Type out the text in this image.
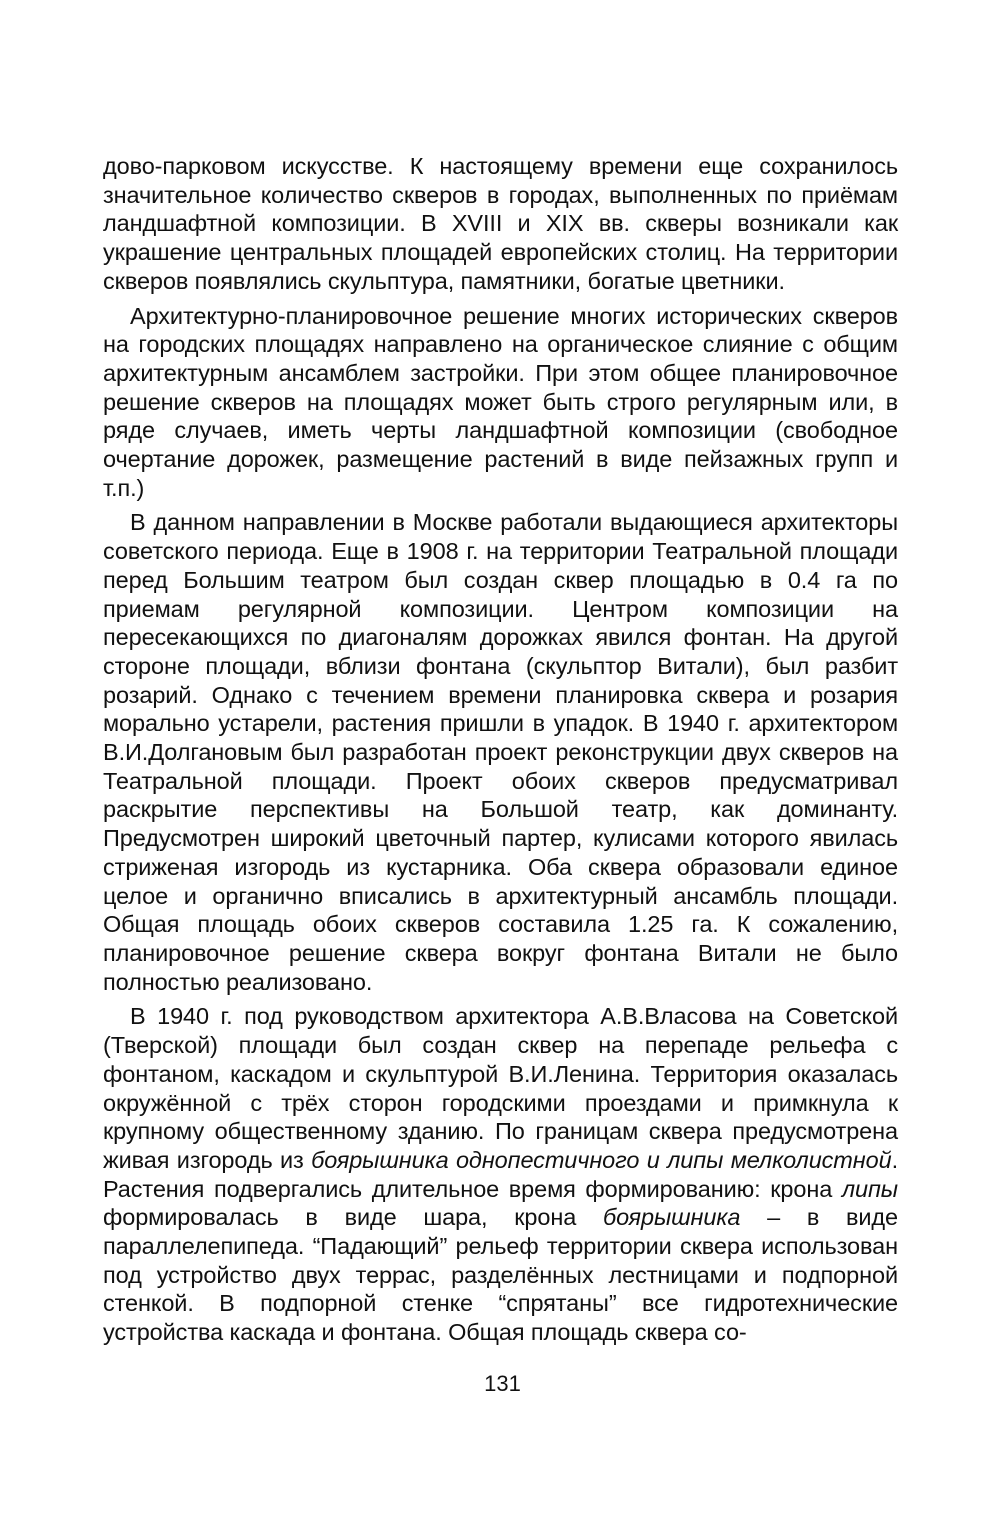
дово-парковом искусстве. К настоящему времени еще сохранилось значительное количество скверов в городах, выполненных по приёмам ландшафтной композиции. В XVIII и XIX вв. скверы возникали как украшение центральных площадей европейских столиц. На территории скверов появлялись скульптура, памятники, богатые цветники.

Архитектурно-планировочное решение многих исторических скверов на городских площадях направлено на органическое слияние с общим архитектурным ансамблем застройки. При этом общее планировочное решение скверов на площадях может быть строго регулярным или, в ряде случаев, иметь черты ландшафтной композиции (свободное очертание дорожек, размещение растений в виде пейзажных групп и т.п.)

В данном направлении в Москве работали выдающиеся архитекторы советского периода. Еще в 1908 г. на территории Театральной площади перед Большим театром был создан сквер площадью в 0.4 га по приемам регулярной композиции. Центром композиции на пересекающихся по диагоналям дорожках явился фонтан. На другой стороне площади, вблизи фонтана (скульптор Витали), был разбит розарий. Однако с течением времени планировка сквера и розария морально устарели, растения пришли в упадок. В 1940 г. архитектором В.И.Долгановым был разработан проект реконструкции двух скверов на Театральной площади. Проект обоих скверов предусматривал раскрытие перспективы на Большой театр, как доминанту. Предусмотрен широкий цветочный партер, кулисами которого явилась стриженая изгородь из кустарника. Оба сквера образовали единое целое и органично вписались в архитектурный ансамбль площади. Общая площадь обоих скверов составила 1.25 га. К сожалению, планировочное решение сквера вокруг фонтана Витали не было полностью реализовано.

В 1940 г. под руководством архитектора А.В.Власова на Советской (Тверской) площади был создан сквер на перепаде рельефа с фонтаном, каскадом и скульптурой В.И.Ленина. Территория оказалась окружённой с трёх сторон городскими проездами и примкнула к крупному общественному зданию. По границам сквера предусмотрена живая изгородь из боярышника однопестичного и липы мелколистной. Растения подвергались длительное время формированию: крона липы формировалась в виде шара, крона боярышника – в виде параллелепипеда. “Падающий” рельеф территории сквера использован под устройство двух террас, разделённых лестницами и подпорной стенкой. В подпорной стенке “спрятаны” все гидротехнические устройства каскада и фонтана. Общая площадь сквера со-

131
